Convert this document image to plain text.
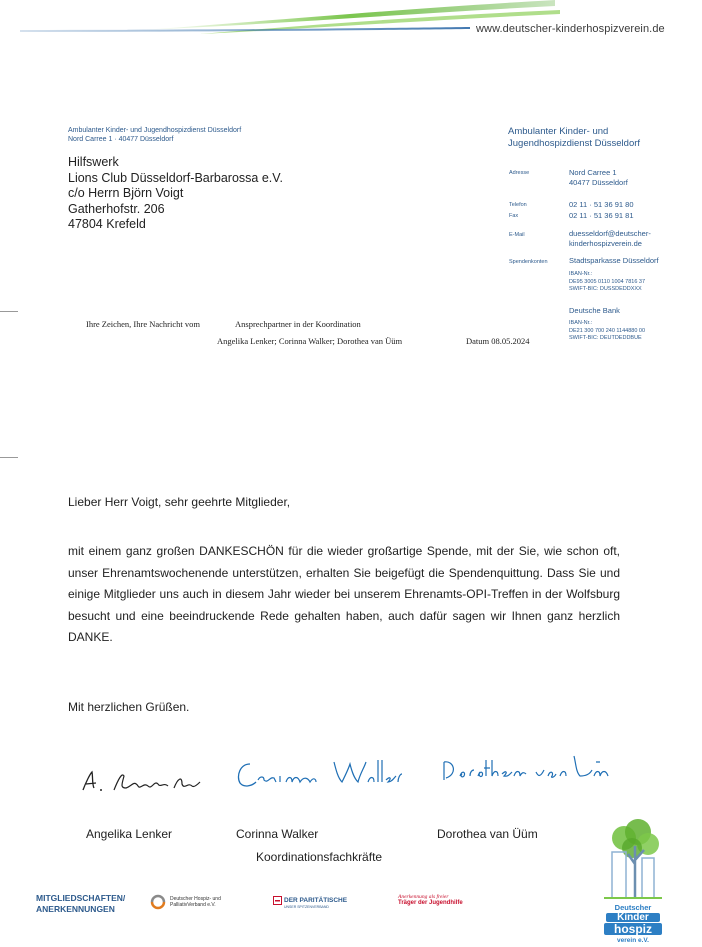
www.deutscher-kinderhospizverein.de
Ambulanter Kinder- und Jugendhospizdienst Düsseldorf
Nord Carree 1 · 40477 Düsseldorf
Hilfswerk
Lions Club Düsseldorf-Barbarossa e.V.
c/o Herrn Björn Voigt
Gatherhofstr. 206
47804 Krefeld
Ambulanter Kinder- und
Jugendhospizdienst Düsseldorf
Adresse	Nord Carree 1
40477 Düsseldorf
Telefon	02 11 · 51 36 91 80
Fax	02 11 · 51 36 91 81
E-Mail	duesseldorf@deutscher-
kinderhospizverein.de
Spendenkonten	Stadtsparkasse Düsseldorf
IBAN-Nr.:
DE95 3005 0110 1004 7816 37
SWIFT-BIC: DUSSDEDDXXX
Deutsche Bank
IBAN-Nr.:
DE21 300 700 240 1144880 00
SWIFT-BIC: DEUTDEDDBUE
Ihre Zeichen, Ihre Nachricht vom	Ansprechpartner in der Koordination
Angelika Lenker; Corinna Walker; Dorothea van Üüm	Datum 08.05.2024
Lieber Herr Voigt, sehr geehrte Mitglieder,
mit einem ganz großen DANKESCHÖN für die wieder großartige Spende, mit der Sie, wie schon oft, unser Ehrenamtswochenende unterstützen, erhalten Sie beigefügt die Spendenquittung. Dass Sie und einige Mitglieder uns auch in diesem Jahr wieder bei unserem Ehrenamts-OPI-Treffen in der Wolfsburg besucht und eine beeindruckende Rede gehalten haben, auch dafür sagen wir Ihnen ganz herzlich DANKE.
Mit herzlichen Grüßen.
Angelika Lenker	Corinna Walker	Dorothea van Üüm
Koordinationsfachkräfte
MITGLIEDSCHAFTEN/
ANERKENNUNGEN
Deutscher Hospiz- und
PalliativVerband e.V.
DER PARITÄTISCHE
UNSER SPITZENVERBAND
Anerkennung als freier
Träger der Jugendhilfe	Deutscher
Kinder
hospiz
verein e.V.
